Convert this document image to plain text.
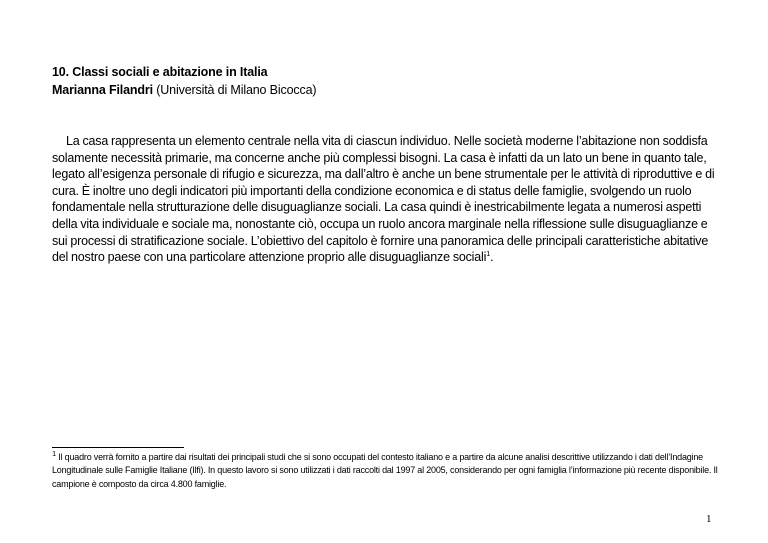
10. Classi sociali e abitazione in Italia
Marianna Filandri (Università di Milano Bicocca)

La casa rappresenta un elemento centrale nella vita di ciascun individuo. Nelle società moderne l’abitazione non soddisfa solamente necessità primarie, ma concerne anche più complessi bisogni. La casa è infatti da un lato un bene in quanto tale, legato all’esigenza personale di rifugio e sicurezza, ma dall’altro è anche un bene strumentale per le attività di riproduttive e di cura. È inoltre uno degli indicatori più importanti della condizione economica e di status delle famiglie, svolgendo un ruolo fondamentale nella strutturazione delle disuguaglianze sociali. La casa quindi è inestricabilmente legata a numerosi aspetti della vita individuale e sociale ma, nonostante ciò, occupa un ruolo ancora marginale nella riflessione sulle disuguaglianze e sui processi di stratificazione sociale. L’obiettivo del capitolo è fornire una panoramica delle principali caratteristiche abitative del nostro paese con una particolare attenzione proprio alle disuguaglianze sociali$^1$.

$^1$ Il quadro verrà fornito a partire dai risultati dei principali studi che si sono occupati del contesto italiano e a partire da alcune analisi descrittive utilizzando i dati dell’Indagine Longitudinale sulle Famiglie Italiane (Ilfi). In questo lavoro si sono utilizzati i dati raccolti dal 1997 al 2005, considerando per ogni famiglia l’informazione più recente disponibile. Il campione è composto da circa 4.800 famiglie.

1
